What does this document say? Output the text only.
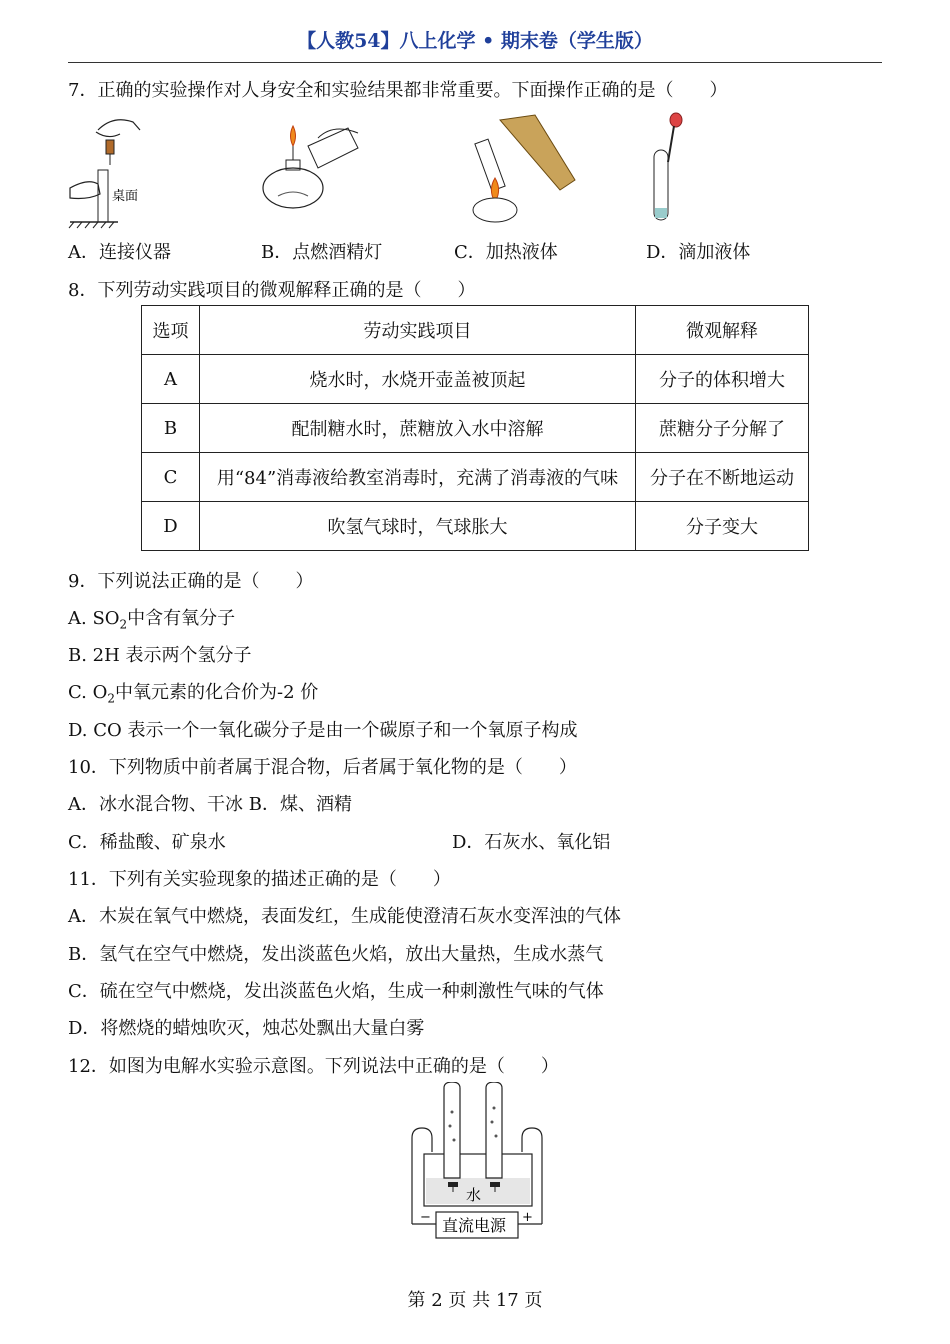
【人教54】八上化学 • 期末卷（学生版）
7．正确的实验操作对人身安全和实验结果都非常重要。下面操作正确的是（　　）
桌面
A．连接仪器	B．点燃酒精灯	C．加热液体	D．滴加液体
8．下列劳动实践项目的微观解释正确的是（　　）
选项	劳动实践项目	微观解释
A	烧水时，水烧开壶盖被顶起	分子的体积增大
B	配制糖水时，蔗糖放入水中溶解	蔗糖分子分解了
C	用“84”消毒液给教室消毒时，充满了消毒液的气味	分子在不断地运动
D	吹氢气球时，气球胀大	分子变大
9．下列说法正确的是（　　）
A. $SO_2$中含有氧分子
B. 2H 表示两个氢分子
C. $O_2$中氧元素的化合价为-2 价
D. CO 表示一个一氧化碳分子是由一个碳原子和一个氧原子构成
10．下列物质中前者属于混合物，后者属于氧化物的是（　　）
A．冰水混合物、干冰 B．煤、酒精
C．稀盐酸、矿泉水	D．石灰水、氧化铝
11．下列有关实验现象的描述正确的是（　　）
A．木炭在氧气中燃烧，表面发红，生成能使澄清石灰水变浑浊的气体
B．氢气在空气中燃烧，发出淡蓝色火焰，放出大量热，生成水蒸气
C．硫在空气中燃烧，发出淡蓝色火焰，生成一种刺激性气味的气体
D．将燃烧的蜡烛吹灭，烛芯处飘出大量白雾
12．如图为电解水实验示意图。下列说法中正确的是（　　）
水
直流电源
−	+
第 2 页 共 17 页
